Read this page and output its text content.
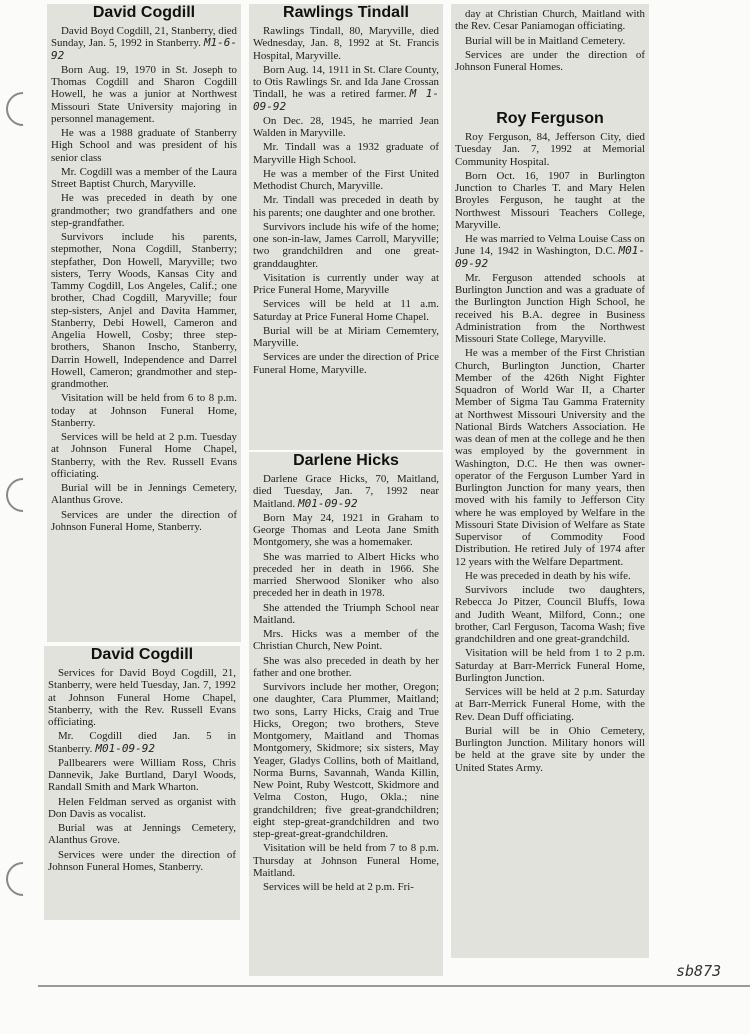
David Cogdill

David Boyd Cogdill, 21, Stanberry, died Sunday, Jan. 5, 1992 in Stanberry. M1-6-92

Born Aug. 19, 1970 in St. Joseph to Thomas Cogdill and Sharon Cogdill Howell, he was a junior at Northwest Missouri State University majoring in personnel management.

He was a 1988 graduate of Stanberry High School and was president of his senior class

Mr. Cogdill was a member of the Laura Street Baptist Church, Maryville.

He was preceded in death by one grandmother; two grandfathers and one step-grandfather.

Survivors include his parents, stepmother, Nona Cogdill, Stanberry; stepfather, Don Howell, Maryville; two sisters, Terry Woods, Kansas City and Tammy Cogdill, Los Angeles, Calif.; one brother, Chad Cogdill, Maryville; four step-sisters, Anjel and Davita Hammer, Stanberry, Debi Howell, Cameron and Angelia Howell, Cosby; three step-brothers, Shanon Inscho, Stanberry, Darrin Howell, Independence and Darrel Howell, Cameron; grandmother and step-grandmother.

Visitation will be held from 6 to 8 p.m. today at Johnson Funeral Home, Stanberry.

Services will be held at 2 p.m. Tuesday at Johnson Funeral Home Chapel, Stanberry, with the Rev. Russell Evans officiating.

Burial will be in Jennings Cemetery, Alanthus Grove.

Services are under the direction of Johnson Funeral Home, Stanberry.

David Cogdill

Services for David Boyd Cogdill, 21, Stanberry, were held Tuesday, Jan. 7, 1992 at Johnson Funeral Home Chapel, Stanberry, with the Rev. Russell Evans officiating.

Mr. Cogdill died Jan. 5 in Stanberry. M01-09-92

Pallbearers were William Ross, Chris Dannevik, Jake Burtland, Daryl Woods, Randall Smith and Mark Wharton.

Helen Feldman served as organist with Don Davis as vocalist.

Burial was at Jennings Cemetery, Alanthus Grove.

Services were under the direction of Johnson Funeral Homes, Stanberry.

Rawlings Tindall

Rawlings Tindall, 80, Maryville, died Wednesday, Jan. 8, 1992 at St. Francis Hospital, Maryville.

Born Aug. 14, 1911 in St. Clare County, to Otis Rawlings Sr. and Ida Jane Crossan Tindall, he was a retired farmer. M 1-09-92

On Dec. 28, 1945, he married Jean Walden in Maryville.

Mr. Tindall was a 1932 graduate of Maryville High School.

He was a member of the First United Methodist Church, Maryville.

Mr. Tindall was preceded in death by his parents; one daughter and one brother.

Survivors include his wife of the home; one son-in-law, James Carroll, Maryville; two grandchildren and one great-granddaughter.

Visitation is currently under way at Price Funeral Home, Maryville

Services will be held at 11 a.m. Saturday at Price Funeral Home Chapel.

Burial will be at Miriam Cememtery, Maryville.

Services are under the direction of Price Funeral Home, Maryville.

Darlene Hicks

Darlene Grace Hicks, 70, Maitland, died Tuesday, Jan. 7, 1992 near Maitland. M01-09-92

Born May 24, 1921 in Graham to George Thomas and Leota Jane Smith Montgomery, she was a homemaker.

She was married to Albert Hicks who preceded her in death in 1966. She married Sherwood Sloniker who also preceded her in death in 1978.

She attended the Triumph School near Maitland.

Mrs. Hicks was a member of the Christian Church, New Point.

She was also preceded in death by her father and one brother.

Survivors include her mother, Oregon; one daughter, Cara Plummer, Maitland; two sons, Larry Hicks, Craig and True Hicks, Oregon; two brothers, Steve Montgomery, Maitland and Thomas Montgomery, Skidmore; six sisters, May Yeager, Gladys Collins, both of Maitland, Norma Burns, Savannah, Wanda Killin, New Point, Ruby Westcott, Skidmore and Velma Coston, Hugo, Okla.; nine grandchildren; five great-grandchildren; eight step-great-grandchildren and two step-great-great-grandchildren.

Visitation will be held from 7 to 8 p.m. Thursday at Johnson Funeral Home, Maitland.

Services will be held at 2 p.m. Fri-

day at Christian Church, Maitland with the Rev. Cesar Paniamogan officiating.

Burial will be in Maitland Cemetery.

Services are under the direction of Johnson Funeral Homes.

Roy Ferguson

Roy Ferguson, 84, Jefferson City, died Tuesday Jan. 7, 1992 at Memorial Community Hospital.

Born Oct. 16, 1907 in Burlington Junction to Charles T. and Mary Helen Broyles Ferguson, he taught at the Northwest Missouri Teachers College, Maryville.

He was married to Velma Louise Cass on June 14, 1942 in Washington, D.C. M01-09-92

Mr. Ferguson attended schools at Burlington Junction and was a graduate of the Burlington Junction High School, he received his B.A. degree in Business Administration from the Northwest Missouri State College, Maryville.

He was a member of the First Christian Church, Burlington Junction, Charter Member of the 426th Night Fighter Squadron of World War II, a Charter Member of Sigma Tau Gamma Fraternity at Northwest Missouri University and the National Birds Watchers Association. He was dean of men at the college and he then was employed by the government in Washington, D.C. He then was owner-operator of the Ferguson Lumber Yard in Burlington Junction for many years, then moved with his family to Jefferson City where he was employed by Welfare in the Missouri State Division of Welfare as State Supervisor of Commodity Food Distribution. He retired July of 1974 after 12 years with the Welfare Department.

He was preceded in death by his wife.

Survivors include two daughters, Rebecca Jo Pitzer, Council Bluffs, Iowa and Judith Weant, Milford, Conn.; one brother, Carl Ferguson, Tacoma Wash; five grandchildren and one great-grandchild.

Visitation will be held from 1 to 2 p.m. Saturday at Barr-Merrick Funeral Home, Burlington Junction.

Services will be held at 2 p.m. Saturday at Barr-Merrick Funeral Home, with the Rev. Dean Duff officiating.

Burial will be in Ohio Cemetery, Burlington Junction. Military honors will be held at the grave site by under the United States Army.

sb873
